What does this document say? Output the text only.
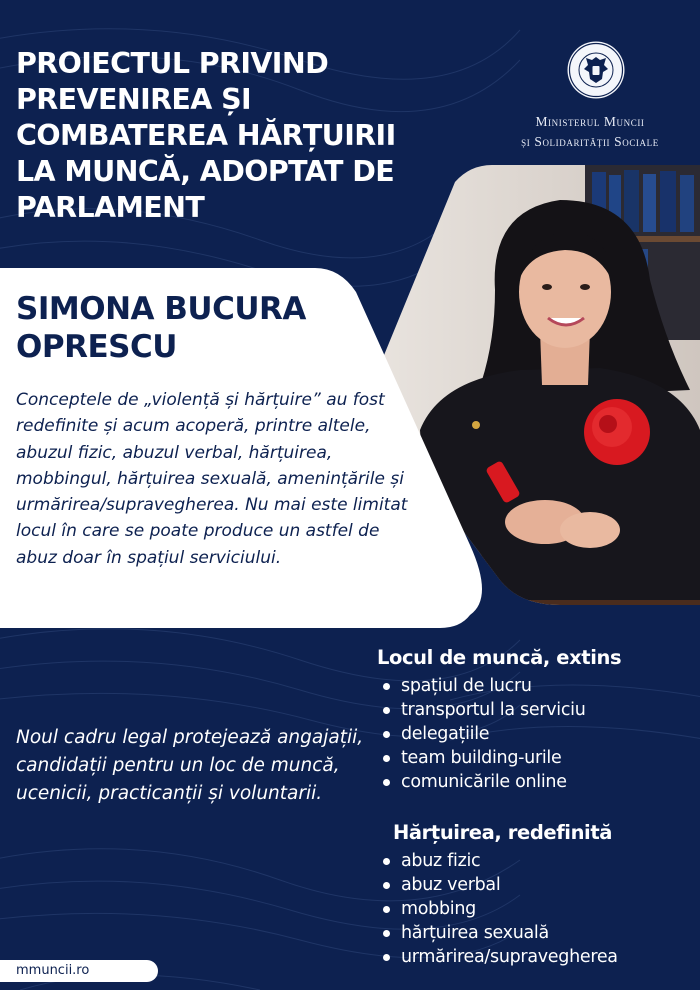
PROIECTUL PRIVIND
PREVENIREA ȘI
COMBATEREA HĂRȚUIRII
LA MUNCĂ, ADOPTAT DE
PARLAMENT
Ministerul Muncii
și Solidarității Sociale
SIMONA BUCURA
OPRESCU

Conceptele de „violență și hărțuire” au fost redefinite și acum acoperă, printre altele, abuzul fizic, abuzul verbal, hărțuirea, mobbingul, hărțuirea sexuală, amenințările și urmărirea/supravegherea. Nu mai este limitat locul în care se poate produce un astfel de abuz doar în spațiul serviciului.

Noul cadru legal protejează angajații, candidații pentru un loc de muncă, ucenicii, practicanții și voluntarii.

Locul de muncă, extins
spațiul de lucru
transportul la serviciu
delegațiile
team building-urile
comunicările online
Hărțuirea, redefinită
abuz fizic
abuz verbal
mobbing
hărțuirea sexuală
urmărirea/supravegherea
mmuncii.ro
